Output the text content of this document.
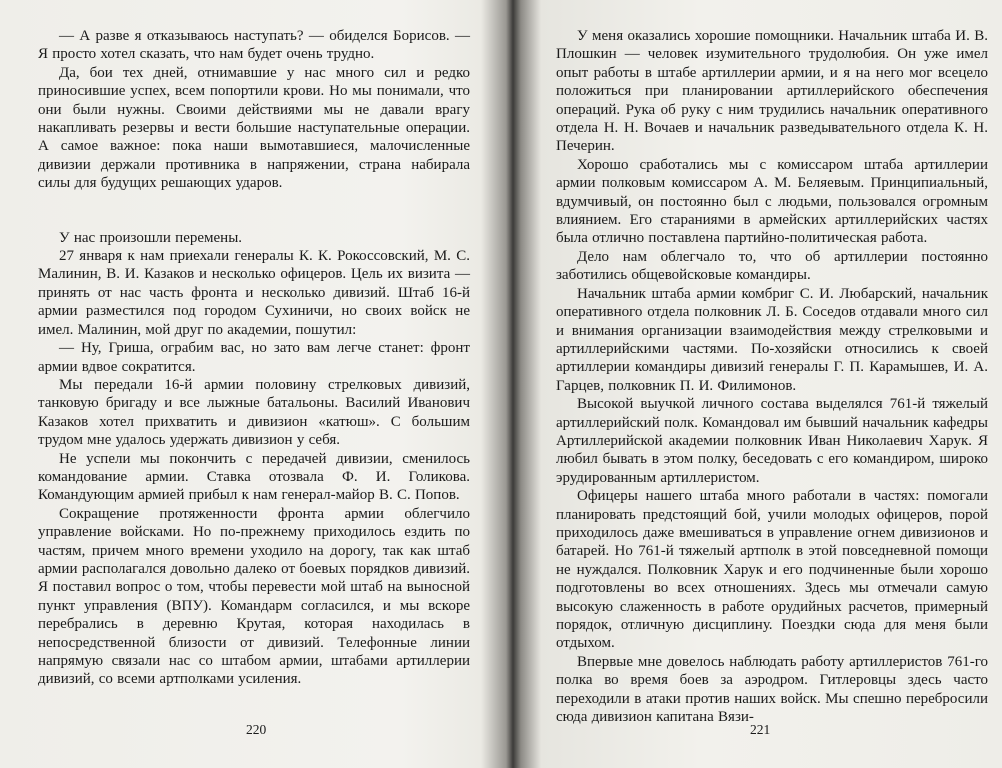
— А разве я отказываюсь наступать? — обиделся Борисов. — Я просто хотел сказать, что нам будет очень трудно.

Да, бои тех дней, отнимавшие у нас много сил и редко приносившие успех, всем попортили крови. Но мы понимали, что они были нужны. Своими действиями мы не давали врагу накапливать резервы и вести большие наступательные операции. А самое важное: пока наши вымотавшиеся, малочисленные дивизии держали противника в напряжении, страна набирала силы для будущих решающих ударов.

У нас произошли перемены.

27 января к нам приехали генералы К. К. Рокоссовский, М. С. Малинин, В. И. Казаков и несколько офицеров. Цель их визита — принять от нас часть фронта и несколько дивизий. Штаб 16-й армии разместился под городом Сухиничи, но своих войск не имел. Малинин, мой друг по академии, пошутил:

— Ну, Гриша, ограбим вас, но зато вам легче станет: фронт армии вдвое сократится.

Мы передали 16-й армии половину стрелковых дивизий, танковую бригаду и все лыжные батальоны. Василий Иванович Казаков хотел прихватить и дивизион «катюш». С большим трудом мне удалось удержать дивизион у себя.

Не успели мы покончить с передачей дивизии, сменилось командование армии. Ставка отозвала Ф. И. Голикова. Командующим армией прибыл к нам генерал-майор В. С. Попов.

Сокращение протяженности фронта армии облегчило управление войсками. Но по-прежнему приходилось ездить по частям, причем много времени уходило на дорогу, так как штаб армии располагался довольно далеко от боевых порядков дивизий. Я поставил вопрос о том, чтобы перевести мой штаб на выносной пункт управления (ВПУ). Командарм согласился, и мы вскоре перебрались в деревню Крутая, которая находилась в непосредственной близости от дивизий. Телефонные линии напрямую связали нас со штабом армии, штабами артиллерии дивизий, со всеми артполками усиления.

220

У меня оказались хорошие помощники. Начальник штаба И. В. Плошкин — человек изумительного трудолюбия. Он уже имел опыт работы в штабе артиллерии армии, и я на него мог всецело положиться при планировании артиллерийского обеспечения операций. Рука об руку с ним трудились начальник оперативного отдела Н. Н. Вочаев и начальник разведывательного отдела К. Н. Печерин.

Хорошо сработались мы с комиссаром штаба артиллерии армии полковым комиссаром А. М. Беляевым. Принципиальный, вдумчивый, он постоянно был с людьми, пользовался огромным влиянием. Его стараниями в армейских артиллерийских частях была отлично поставлена партийно-политическая работа.

Дело нам облегчало то, что об артиллерии постоянно заботились общевойсковые командиры.

Начальник штаба армии комбриг С. И. Любарский, начальник оперативного отдела полковник Л. Б. Соседов отдавали много сил и внимания организации взаимодействия между стрелковыми и артиллерийскими частями. По-хозяйски относились к своей артиллерии командиры дивизий генералы Г. П. Карамышев, И. А. Гарцев, полковник П. И. Филимонов.

Высокой выучкой личного состава выделялся 761-й тяжелый артиллерийский полк. Командовал им бывший начальник кафедры Артиллерийской академии полковник Иван Николаевич Харук. Я любил бывать в этом полку, беседовать с его командиром, широко эрудированным артиллеристом.

Офицеры нашего штаба много работали в частях: помогали планировать предстоящий бой, учили молодых офицеров, порой приходилось даже вмешиваться в управление огнем дивизионов и батарей. Но 761-й тяжелый артполк в этой повседневной помощи не нуждался. Полковник Харук и его подчиненные были хорошо подготовлены во всех отношениях. Здесь мы отмечали самую высокую слаженность в работе орудийных расчетов, примерный порядок, отличную дисциплину. Поездки сюда для меня были отдыхом.

Впервые мне довелось наблюдать работу артиллеристов 761-го полка во время боев за аэродром. Гитлеровцы здесь часто переходили в атаки против наших войск. Мы спешно перебросили сюда дивизион капитана Вязи-

221
